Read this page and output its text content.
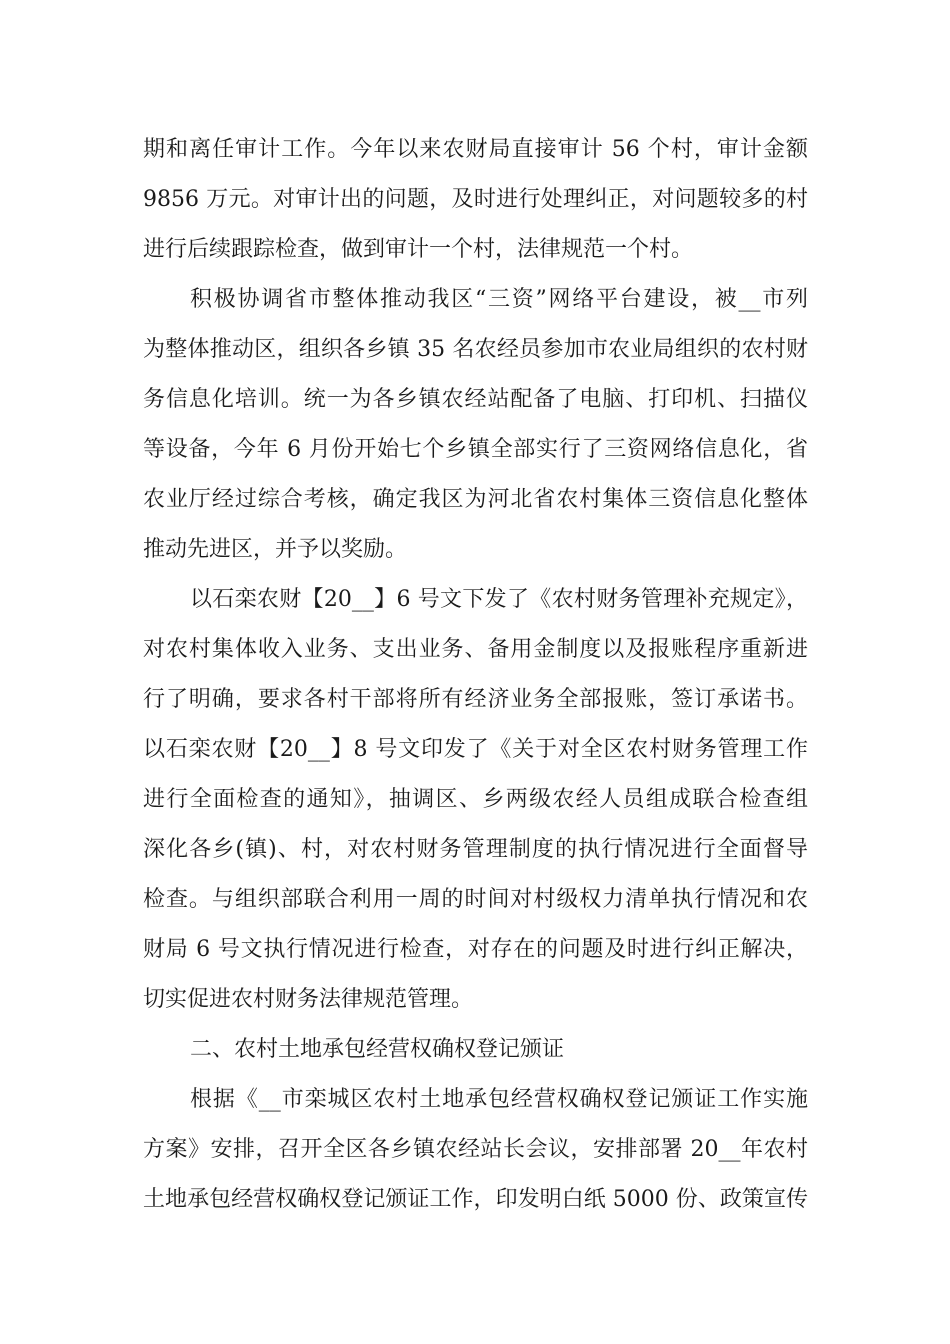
期和离任审计工作。今年以来农财局直接审计 56 个村，审计金额
9856 万元。对审计出的问题，及时进行处理纠正，对问题较多的村
进行后续跟踪检查，做到审计一个村，法律规范一个村。
积极协调省市整体推动我区“三资”网络平台建设，被__市列
为整体推动区，组织各乡镇 35 名农经员参加市农业局组织的农村财
务信息化培训。统一为各乡镇农经站配备了电脑、打印机、扫描仪
等设备，今年 6 月份开始七个乡镇全部实行了三资网络信息化，省
农业厅经过综合考核，确定我区为河北省农村集体三资信息化整体
推动先进区，并予以奖励。
以石栾农财【20__】6 号文下发了《农村财务管理补充规定》，
对农村集体收入业务、支出业务、备用金制度以及报账程序重新进
行了明确，要求各村干部将所有经济业务全部报账，签订承诺书。
以石栾农财【20__】8 号文印发了《关于对全区农村财务管理工作
进行全面检查的通知》，抽调区、乡两级农经人员组成联合检查组
深化各乡(镇)、村，对农村财务管理制度的执行情况进行全面督导
检查。与组织部联合利用一周的时间对村级权力清单执行情况和农
财局 6 号文执行情况进行检查，对存在的问题及时进行纠正解决，
切实促进农村财务法律规范管理。
二、农村土地承包经营权确权登记颁证
根据《__市栾城区农村土地承包经营权确权登记颁证工作实施
方案》安排，召开全区各乡镇农经站长会议，安排部署 20__年农村
土地承包经营权确权登记颁证工作，印发明白纸 5000 份、政策宣传
